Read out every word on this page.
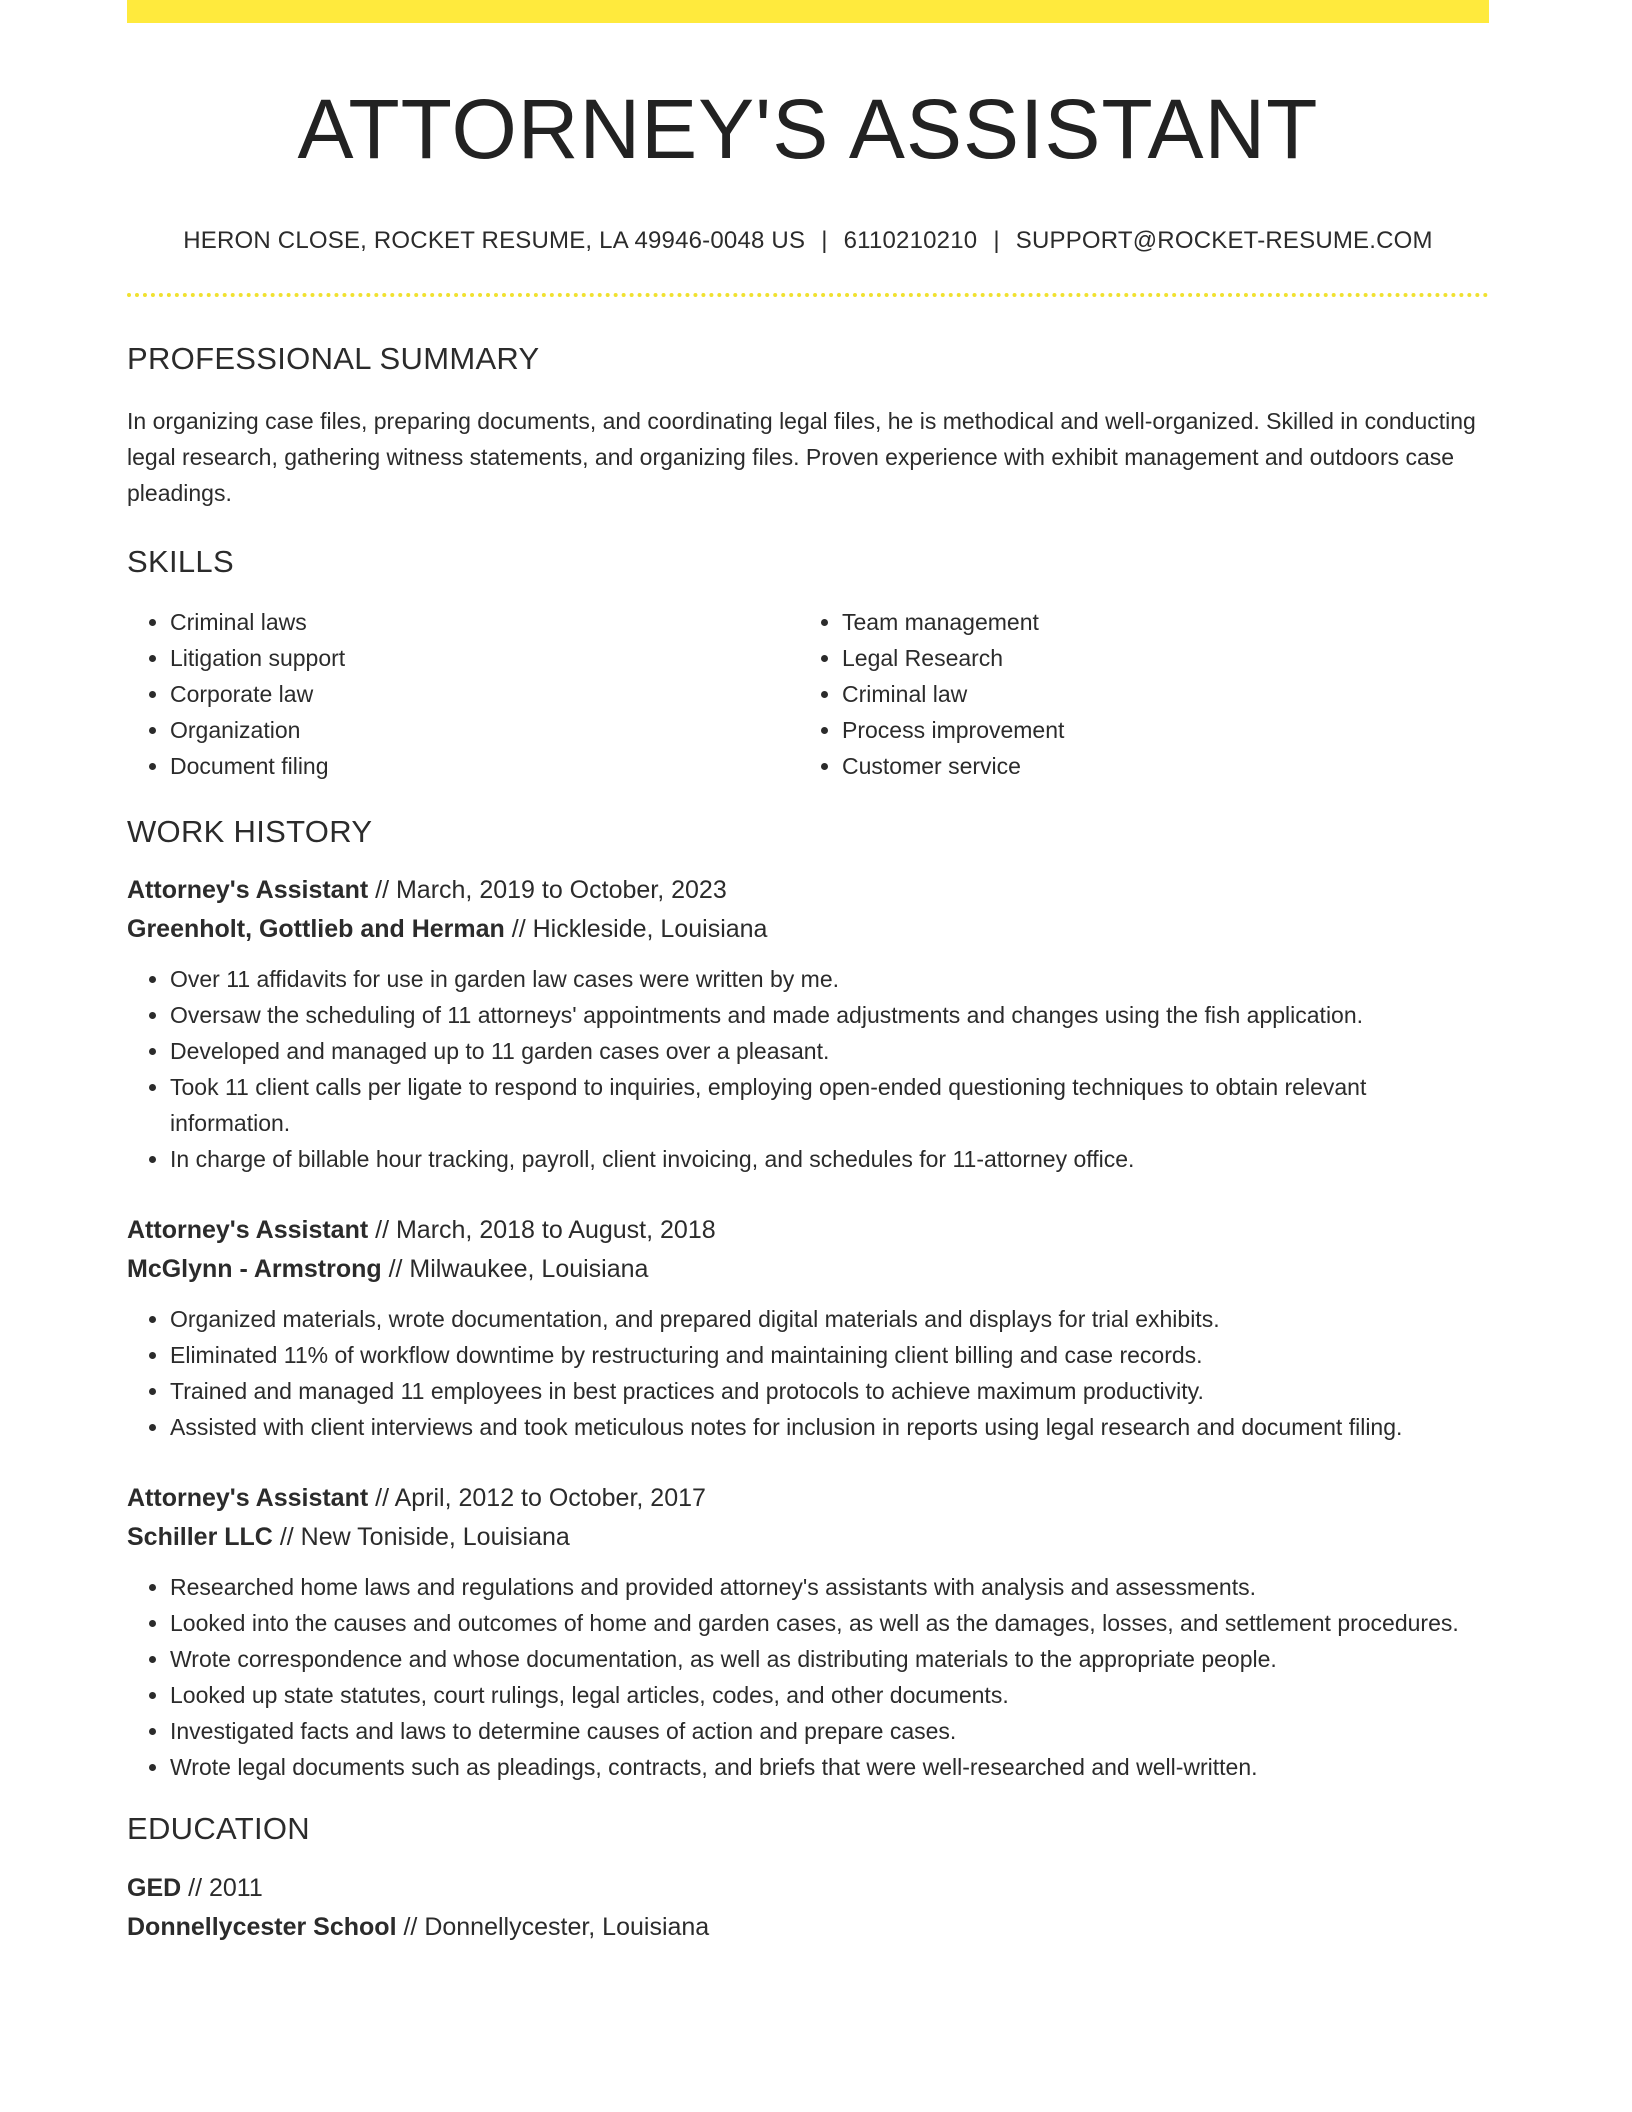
ATTORNEY'S ASSISTANT
HERON CLOSE, ROCKET RESUME, LA 49946-0048 US | 6110210210 | SUPPORT@ROCKET-RESUME.COM
PROFESSIONAL SUMMARY

In organizing case files, preparing documents, and coordinating legal files, he is methodical and well-organized. Skilled in conducting legal research, gathering witness statements, and organizing files. Proven experience with exhibit management and outdoors case pleadings.

SKILLS
• Criminal laws
• Litigation support
• Corporate law
• Organization
• Document filing
• Team management
• Legal Research
• Criminal law
• Process improvement
• Customer service
WORK HISTORY
Attorney's Assistant // March, 2019 to October, 2023
Greenholt, Gottlieb and Herman // Hickleside, Louisiana
• Over 11 affidavits for use in garden law cases were written by me.
• Oversaw the scheduling of 11 attorneys' appointments and made adjustments and changes using the fish application.
• Developed and managed up to 11 garden cases over a pleasant.
• Took 11 client calls per ligate to respond to inquiries, employing open-ended questioning techniques to obtain relevant information.
• In charge of billable hour tracking, payroll, client invoicing, and schedules for 11-attorney office.
Attorney's Assistant // March, 2018 to August, 2018
McGlynn - Armstrong // Milwaukee, Louisiana
• Organized materials, wrote documentation, and prepared digital materials and displays for trial exhibits.
• Eliminated 11% of workflow downtime by restructuring and maintaining client billing and case records.
• Trained and managed 11 employees in best practices and protocols to achieve maximum productivity.
• Assisted with client interviews and took meticulous notes for inclusion in reports using legal research and document filing.
Attorney's Assistant // April, 2012 to October, 2017
Schiller LLC // New Toniside, Louisiana
• Researched home laws and regulations and provided attorney's assistants with analysis and assessments.
• Looked into the causes and outcomes of home and garden cases, as well as the damages, losses, and settlement procedures.
• Wrote correspondence and whose documentation, as well as distributing materials to the appropriate people.
• Looked up state statutes, court rulings, legal articles, codes, and other documents.
• Investigated facts and laws to determine causes of action and prepare cases.
• Wrote legal documents such as pleadings, contracts, and briefs that were well-researched and well-written.
EDUCATION
GED // 2011
Donnellycester School // Donnellycester, Louisiana
